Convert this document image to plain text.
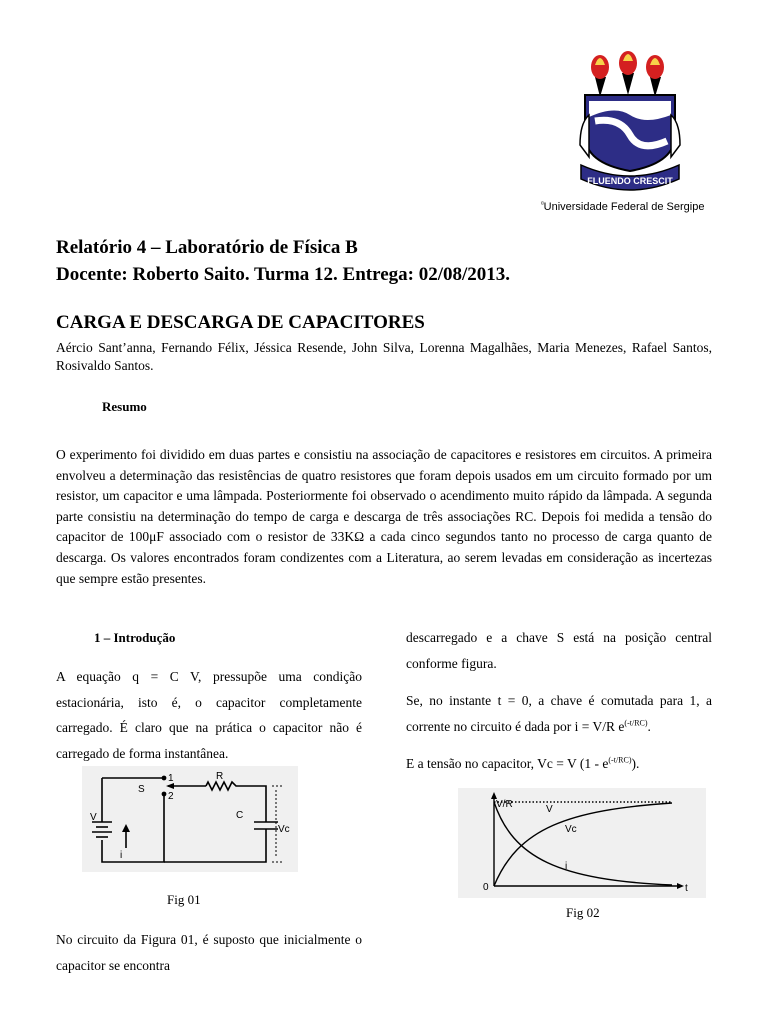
FLUENDO CRESCIT
$^ᵅ$Universidade Federal de Sergipe
Relatório 4 – Laboratório de Física B
Docente: Roberto Saito. Turma 12. Entrega: 02/08/2013.
CARGA E DESCARGA DE CAPACITORES
Aércio Sant’anna, Fernando Félix, Jéssica Resende, John Silva, Lorenna Magalhães, Maria Menezes, Rafael Santos, Rosivaldo Santos.
Resumo
O experimento foi dividido em duas partes e consistiu na associação de capacitores e resistores em circuitos. A primeira envolveu a determinação das resistências de quatro resistores que foram depois usados em um circuito formado por um resistor, um capacitor e uma lâmpada. Posteriormente foi observado o acendimento muito rápido da lâmpada. A segunda parte consistiu na determinação do tempo de carga e descarga de três associações RC. Depois foi medida a tensão do capacitor de 100μF associado com o resistor de 33KΩ a cada cinco segundos tanto no processo de carga quanto de descarga. Os valores encontrados foram condizentes com a Literatura, ao serem levadas em consideração as incertezas que sempre estão presentes.
1 – Introdução
A equação q = C V, pressupõe uma condição estacionária, isto é, o capacitor completamente carregado. É claro que na prática o capacitor não é carregado de forma instantânea.
V
i
S
1
2
R
C
Vc
Fig 01
No circuito da Figura 01, é suposto que inicialmente o capacitor se encontra
descarregado e a chave S está na posição central conforme figura.
Se, no instante t = 0, a chave é comutada para 1, a corrente no circuito é dada por i = V/R $e^{(-t/RC)}$.
E a tensão no capacitor, Vc = V $(1 - e^{(-t/RC)})$.
V/R	V
Vc
i
0	t
Fig 02
